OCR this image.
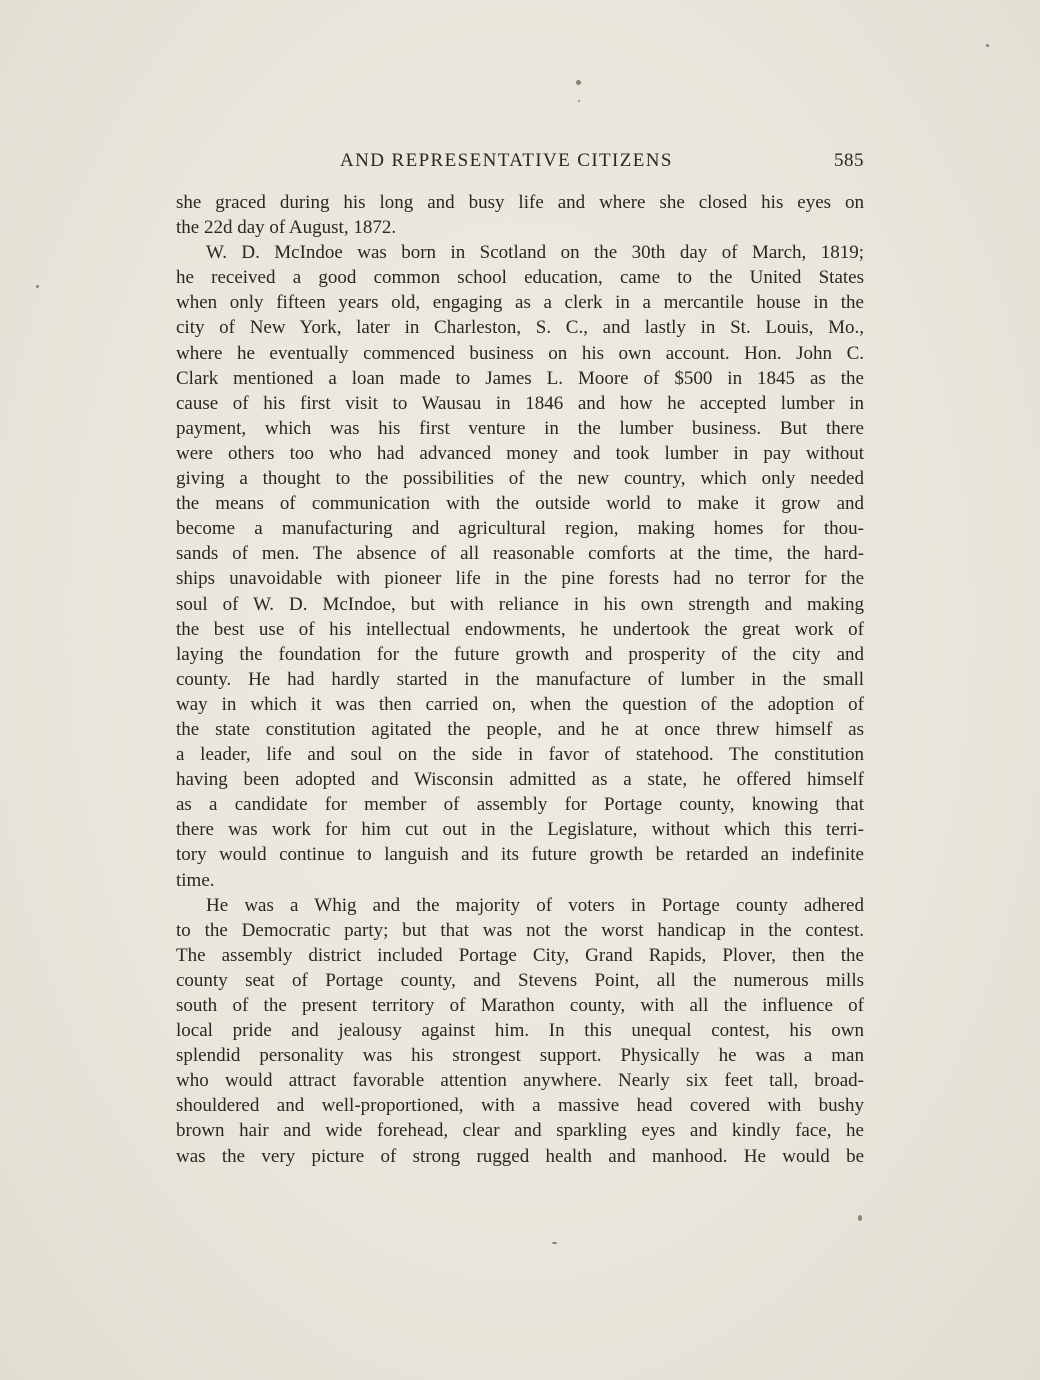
AND REPRESENTATIVE CITIZENS	585
she graced during his long and busy life and where she closed his eyes on
the 22d day of August, 1872.
W. D. McIndoe was born in Scotland on the 30th day of March, 1819;
he received a good common school education, came to the United States
when only fifteen years old, engaging as a clerk in a mercantile house in the
city of New York, later in Charleston, S. C., and lastly in St. Louis, Mo.,
where he eventually commenced business on his own account. Hon. John C.
Clark mentioned a loan made to James L. Moore of $500 in 1845 as the
cause of his first visit to Wausau in 1846 and how he accepted lumber in
payment, which was his first venture in the lumber business. But there
were others too who had advanced money and took lumber in pay without
giving a thought to the possibilities of the new country, which only needed
the means of communication with the outside world to make it grow and
become a manufacturing and agricultural region, making homes for thou-
sands of men. The absence of all reasonable comforts at the time, the hard-
ships unavoidable with pioneer life in the pine forests had no terror for the
soul of W. D. McIndoe, but with reliance in his own strength and making
the best use of his intellectual endowments, he undertook the great work of
laying the foundation for the future growth and prosperity of the city and
county. He had hardly started in the manufacture of lumber in the small
way in which it was then carried on, when the question of the adoption of
the state constitution agitated the people, and he at once threw himself as
a leader, life and soul on the side in favor of statehood. The constitution
having been adopted and Wisconsin admitted as a state, he offered himself
as a candidate for member of assembly for Portage county, knowing that
there was work for him cut out in the Legislature, without which this terri-
tory would continue to languish and its future growth be retarded an indefinite
time.
He was a Whig and the majority of voters in Portage county adhered
to the Democratic party; but that was not the worst handicap in the contest.
The assembly district included Portage City, Grand Rapids, Plover, then the
county seat of Portage county, and Stevens Point, all the numerous mills
south of the present territory of Marathon county, with all the influence of
local pride and jealousy against him. In this unequal contest, his own
splendid personality was his strongest support. Physically he was a man
who would attract favorable attention anywhere. Nearly six feet tall, broad-
shouldered and well-proportioned, with a massive head covered with bushy
brown hair and wide forehead, clear and sparkling eyes and kindly face, he
was the very picture of strong rugged health and manhood. He would be
